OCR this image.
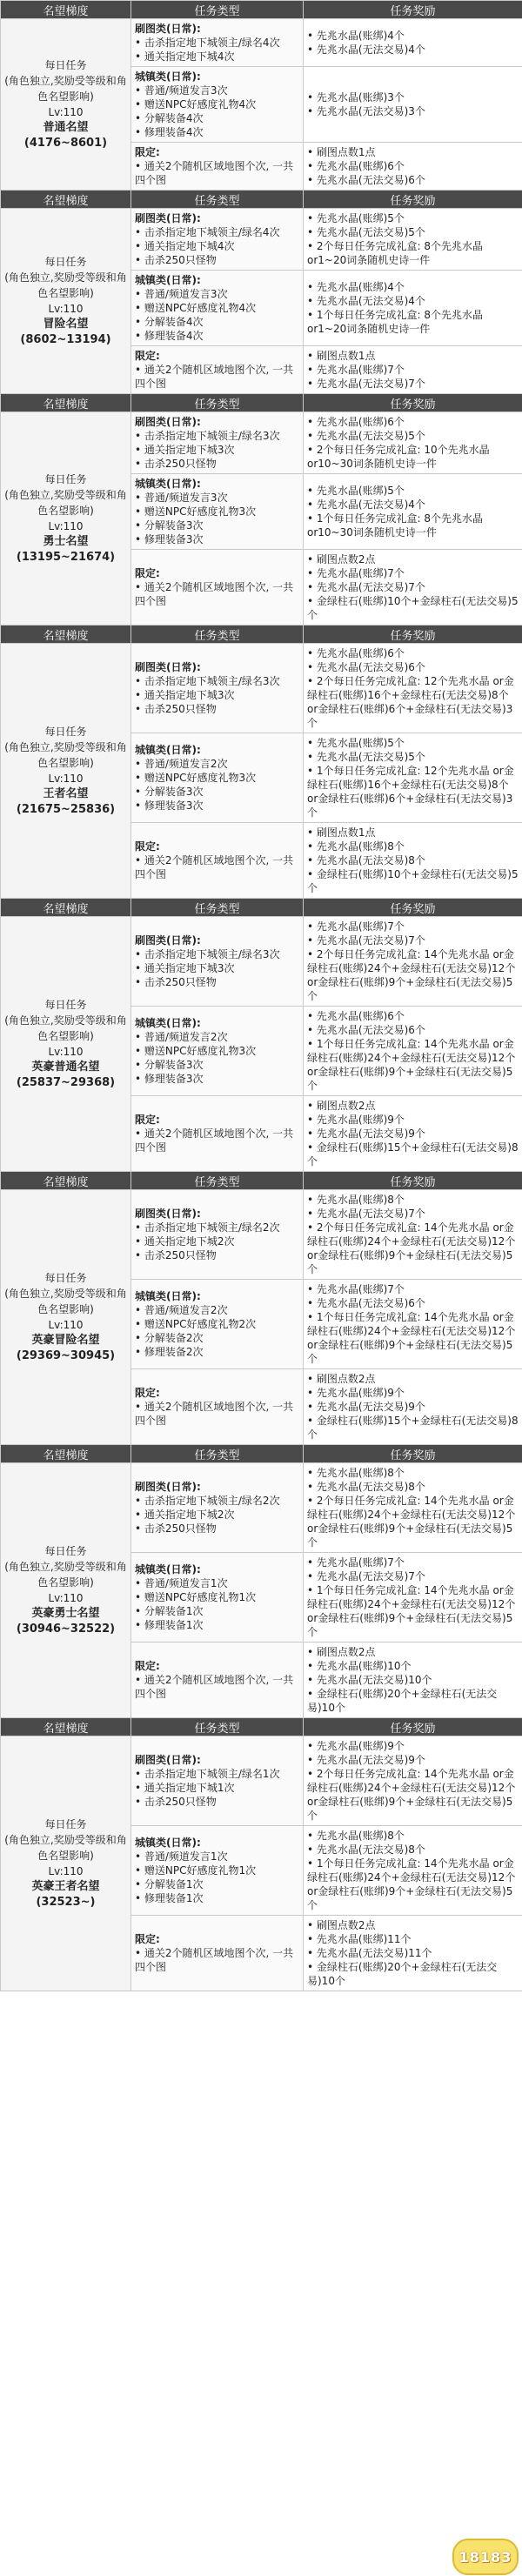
名望梯度	任务类型	任务奖励

每日任务
(角色独立,奖励受等级和角色名望影响)
Lv:110
普通名望(4176~8601)	刷图类(日常):
• 击杀指定地下城领主/绿名4次
• 通关指定地下城4次	• 先兆水晶(账绑)4个
• 先兆水晶(无法交易)4个

	城镇类(日常):
• 普通/频道发言3次
• 赠送NPC好感度礼物4次
• 分解装备4次
• 修理装备4次	• 先兆水晶(账绑)3个
• 先兆水晶(无法交易)3个

	限定:
• 通关2个随机区域地图个次, 一共四个图	• 刷图点数1点
• 先兆水晶(账绑)6个
• 先兆水晶(无法交易)6个

名望梯度	任务类型	任务奖励

每日任务
(角色独立,奖励受等级和角色名望影响)
Lv:110
冒险名望(8602~13194)	刷图类(日常):
• 击杀指定地下城领主/绿名4次
• 通关指定地下城4次
• 击杀250只怪物	• 先兆水晶(账绑)5个
• 先兆水晶(无法交易)5个
• 2个每日任务完成礼盒: 8个先兆水晶 or1~20词条随机史诗一件

	城镇类(日常):
• 普通/频道发言3次
• 赠送NPC好感度礼物4次
• 分解装备4次
• 修理装备4次	• 先兆水晶(账绑)4个
• 先兆水晶(无法交易)4个
• 1个每日任务完成礼盒: 8个先兆水晶 or1~20词条随机史诗一件

	限定:
• 通关2个随机区域地图个次, 一共四个图	• 刷图点数1点
• 先兆水晶(账绑)7个
• 先兆水晶(无法交易)7个

名望梯度	任务类型	任务奖励

每日任务
(角色独立,奖励受等级和角色名望影响)
Lv:110
勇士名望(13195~21674)	刷图类(日常):
• 击杀指定地下城领主/绿名3次
• 通关指定地下城3次
• 击杀250只怪物	• 先兆水晶(账绑)6个
• 先兆水晶(无法交易)5个
• 2个每日任务完成礼盒: 10个先兆水晶 or10~30词条随机史诗一件

	城镇类(日常):
• 普通/频道发言3次
• 赠送NPC好感度礼物3次
• 分解装备3次
• 修理装备3次	• 先兆水晶(账绑)5个
• 先兆水晶(无法交易)4个
• 1个每日任务完成礼盒: 8个先兆水晶 or10~30词条随机史诗一件

	限定:
• 通关2个随机区域地图个次, 一共四个图	• 刷图点数2点
• 先兆水晶(账绑)7个
• 先兆水晶(无法交易)7个
• 金绿柱石(账绑)10个+金绿柱石(无法交易)5个

名望梯度	任务类型	任务奖励

每日任务
(角色独立,奖励受等级和角色名望影响)
Lv:110
王者名望(21675~25836)	刷图类(日常):
• 击杀指定地下城领主/绿名3次
• 通关指定地下城3次
• 击杀250只怪物	• 先兆水晶(账绑)6个
• 先兆水晶(无法交易)6个
• 2个每日任务完成礼盒: 12个先兆水晶 or金绿柱石(账绑)16个+金绿柱石(无法交易)8个
or金绿柱石(账绑)6个+金绿柱石(无法交易)3个

	城镇类(日常):
• 普通/频道发言2次
• 赠送NPC好感度礼物3次
• 分解装备3次
• 修理装备3次	• 先兆水晶(账绑)5个
• 先兆水晶(无法交易)5个
• 1个每日任务完成礼盒: 12个先兆水晶 or金绿柱石(账绑)16个+金绿柱石(无法交易)8个
or金绿柱石(账绑)6个+金绿柱石(无法交易)3个

	限定:
• 通关2个随机区域地图个次, 一共四个图	• 刷图点数1点
• 先兆水晶(账绑)8个
• 先兆水晶(无法交易)8个
• 金绿柱石(账绑)10个+金绿柱石(无法交易)5个

名望梯度	任务类型	任务奖励

每日任务
(角色独立,奖励受等级和角色名望影响)
Lv:110
英豪普通名望
(25837~29368)	刷图类(日常):
• 击杀指定地下城领主/绿名3次
• 通关指定地下城3次
• 击杀250只怪物	• 先兆水晶(账绑)7个
• 先兆水晶(无法交易)7个
• 2个每日任务完成礼盒: 14个先兆水晶 or金绿柱石(账绑)24个+金绿柱石(无法交易)12个
or金绿柱石(账绑)9个+金绿柱石(无法交易)5个

	城镇类(日常):
• 普通/频道发言2次
• 赠送NPC好感度礼物3次
• 分解装备3次
• 修理装备3次	• 先兆水晶(账绑)6个
• 先兆水晶(无法交易)6个
• 1个每日任务完成礼盒: 14个先兆水晶 or金绿柱石(账绑)24个+金绿柱石(无法交易)12个
or金绿柱石(账绑)9个+金绿柱石(无法交易)5个

	限定:
• 通关2个随机区域地图个次, 一共四个图	• 刷图点数2点
• 先兆水晶(账绑)9个
• 先兆水晶(无法交易)9个
• 金绿柱石(账绑)15个+金绿柱石(无法交易)8个

名望梯度	任务类型	任务奖励

每日任务
(角色独立,奖励受等级和角色名望影响)
Lv:110
英豪冒险名望
(29369~30945)	刷图类(日常):
• 击杀指定地下城领主/绿名2次
• 通关指定地下城2次
• 击杀250只怪物	• 先兆水晶(账绑)8个
• 先兆水晶(无法交易)7个
• 2个每日任务完成礼盒: 14个先兆水晶 or金绿柱石(账绑)24个+金绿柱石(无法交易)12个
or金绿柱石(账绑)9个+金绿柱石(无法交易)5个

	城镇类(日常):
• 普通/频道发言2次
• 赠送NPC好感度礼物2次
• 分解装备2次
• 修理装备2次	• 先兆水晶(账绑)7个
• 先兆水晶(无法交易)6个
• 1个每日任务完成礼盒: 14个先兆水晶 or金绿柱石(账绑)24个+金绿柱石(无法交易)12个
or金绿柱石(账绑)9个+金绿柱石(无法交易)5个

	限定:
• 通关2个随机区域地图个次, 一共四个图	• 刷图点数2点
• 先兆水晶(账绑)9个
• 先兆水晶(无法交易)9个
• 金绿柱石(账绑)15个+金绿柱石(无法交易)8个

名望梯度	任务类型	任务奖励

每日任务
(角色独立,奖励受等级和角色名望影响)
Lv:110
英豪勇士名望
(30946~32522)	刷图类(日常):
• 击杀指定地下城领主/绿名2次
• 通关指定地下城2次
• 击杀250只怪物	• 先兆水晶(账绑)8个
• 先兆水晶(无法交易)8个
• 2个每日任务完成礼盒: 14个先兆水晶 or金绿柱石(账绑)24个+金绿柱石(无法交易)12个
or金绿柱石(账绑)9个+金绿柱石(无法交易)5个

	城镇类(日常):
• 普通/频道发言1次
• 赠送NPC好感度礼物1次
• 分解装备1次
• 修理装备1次	• 先兆水晶(账绑)7个
• 先兆水晶(无法交易)7个
• 1个每日任务完成礼盒: 14个先兆水晶 or金绿柱石(账绑)24个+金绿柱石(无法交易)12个
or金绿柱石(账绑)9个+金绿柱石(无法交易)5个

	限定:
• 通关2个随机区域地图个次, 一共四个图	• 刷图点数2点
• 先兆水晶(账绑)10个
• 先兆水晶(无法交易)10个
• 金绿柱石(账绑)20个+金绿柱石(无法交易)10个

名望梯度	任务类型	任务奖励

每日任务
(角色独立,奖励受等级和角色名望影响)
Lv:110
英豪王者名望(32523~)	刷图类(日常):
• 击杀指定地下城领主/绿名1次
• 通关指定地下城1次
• 击杀250只怪物	• 先兆水晶(账绑)9个
• 先兆水晶(无法交易)9个
• 2个每日任务完成礼盒: 14个先兆水晶 or金绿柱石(账绑)24个+金绿柱石(无法交易)12个
or金绿柱石(账绑)9个+金绿柱石(无法交易)5个

	城镇类(日常):
• 普通/频道发言1次
• 赠送NPC好感度礼物1次
• 分解装备1次
• 修理装备1次	• 先兆水晶(账绑)8个
• 先兆水晶(无法交易)8个
• 1个每日任务完成礼盒: 14个先兆水晶 or金绿柱石(账绑)24个+金绿柱石(无法交易)12个
or金绿柱石(账绑)9个+金绿柱石(无法交易)5个

	限定:
• 通关2个随机区域地图个次, 一共四个图	• 刷图点数2点
• 先兆水晶(账绑)11个
• 先兆水晶(无法交易)11个
• 金绿柱石(账绑)20个+金绿柱石(无法交易)10个
18183
